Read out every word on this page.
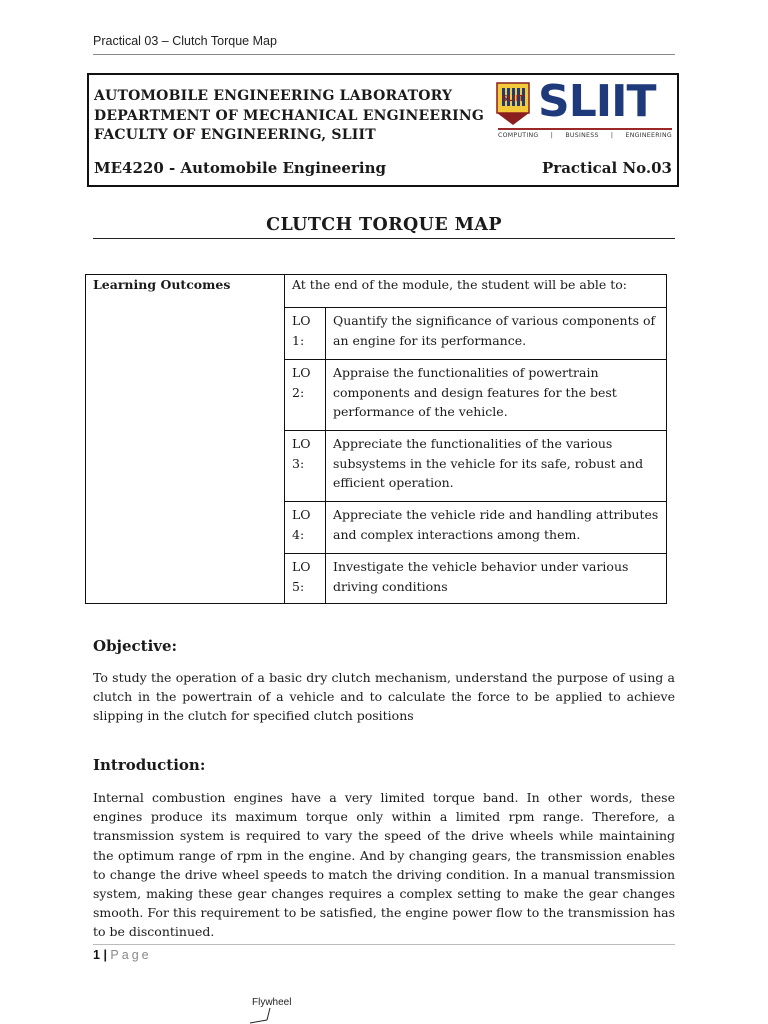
Practical 03 – Clutch Torque Map
AUTOMOBILE ENGINEERING LABORATORY
DEPARTMENT OF MECHANICAL ENGINEERING
FACULTY OF ENGINEERING, SLIIT
ME4220 - Automobile Engineering	Practical No.03
SLIIT SLIIT
COMPUTING | BUSINESS | ENGINEERING
CLUTCH TORQUE MAP
Learning Outcomes	At the end of the module, the student will be able to:
LO 1:
Quantify the significance of various components of an engine for its performance.
LO 2:
Appraise the functionalities of powertrain components and design features for the best performance of the vehicle.
LO 3:
Appreciate the functionalities of the various subsystems in the vehicle for its safe, robust and efficient operation.
LO 4:
Appreciate the vehicle ride and handling attributes and complex interactions among them.
LO 5:
Investigate the vehicle behavior under various driving conditions
Objective:
To study the operation of a basic dry clutch mechanism, understand the purpose of using a clutch in the powertrain of a vehicle and to calculate the force to be applied to achieve slipping in the clutch for specified clutch positions
Introduction:
Internal combustion engines have a very limited torque band. In other words, these engines produce its maximum torque only within a limited rpm range. Therefore, a transmission system is required to vary the speed of the drive wheels while maintaining the optimum range of rpm in the engine. And by changing gears, the transmission enables to change the drive wheel speeds to match the driving condition. In a manual transmission system, making these gear changes requires a complex setting to make the gear changes smooth. For this requirement to be satisfied, the engine power flow to the transmission has to be discontinued.
1 | Page
Flywheel
